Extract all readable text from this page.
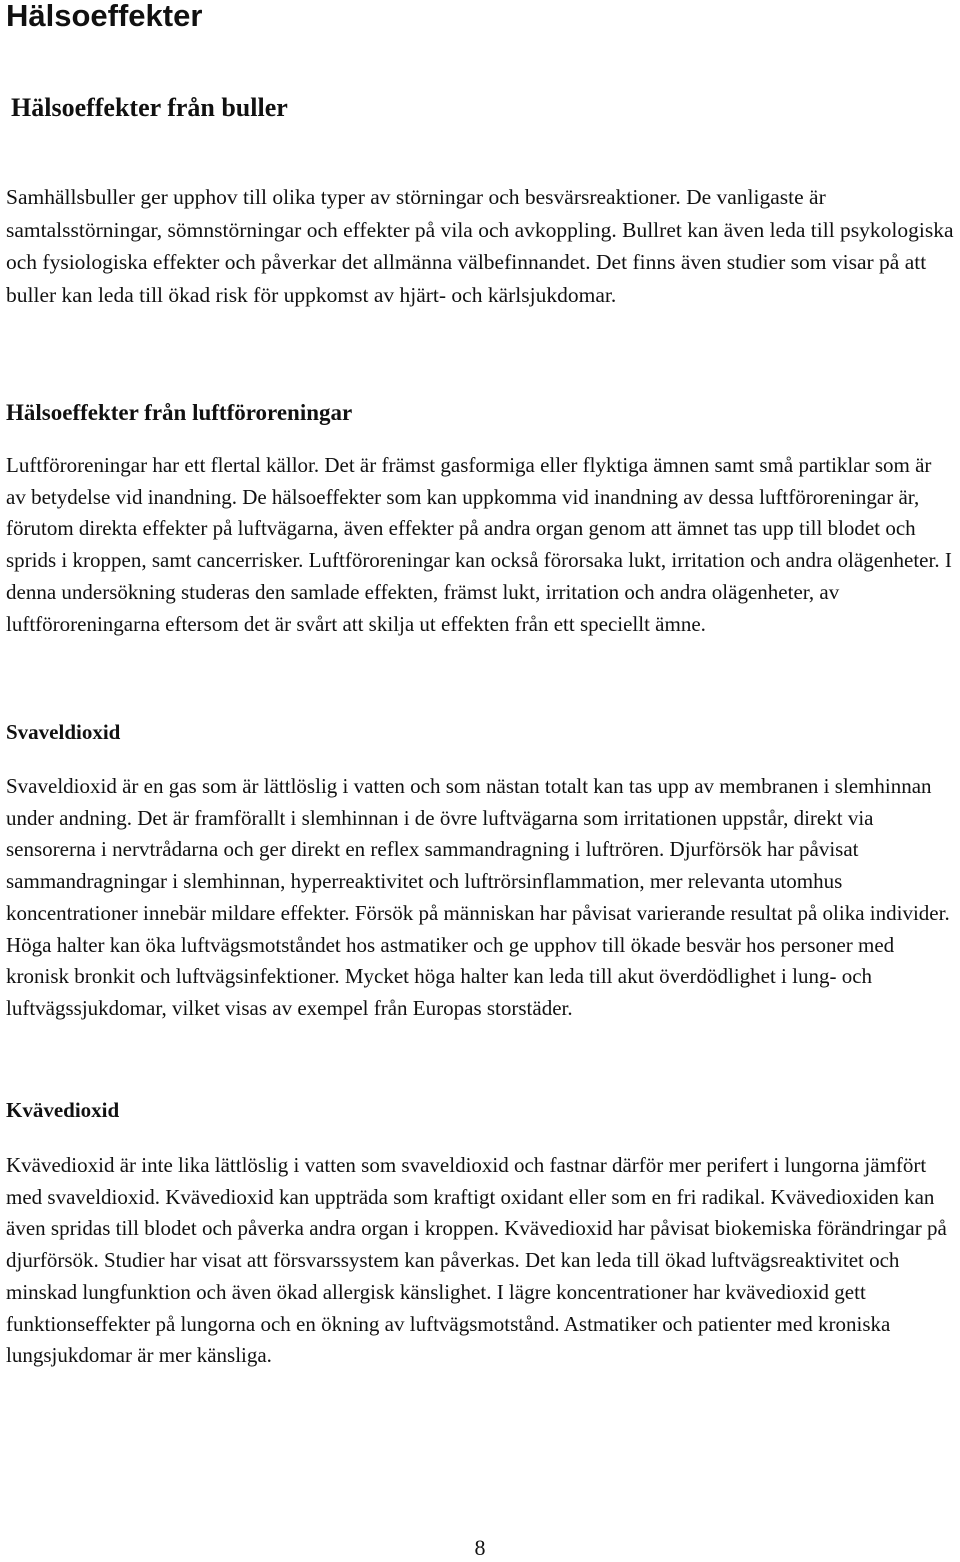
Hälsoeffekter
Hälsoeffekter från buller

Samhällsbuller ger upphov till olika typer av störningar och besvärsreaktioner. De vanligaste är samtalsstörningar, sömnstörningar och effekter på vila och avkoppling. Bullret kan även leda till psykologiska och fysiologiska effekter och påverkar det allmänna välbefinnandet. Det finns även studier som visar på att buller kan leda till ökad risk för uppkomst av hjärt- och kärlsjukdomar.

Hälsoeffekter från luftföroreningar

Luftföroreningar har ett flertal källor. Det är främst gasformiga eller flyktiga ämnen samt små partiklar som är av betydelse vid inandning. De hälsoeffekter som kan uppkomma vid inandning av dessa luftföroreningar är, förutom direkta effekter på luftvägarna, även effekter på andra organ genom att ämnet tas upp till blodet och sprids i kroppen, samt cancerrisker. Luftföroreningar kan också förorsaka lukt, irritation och andra olägenheter. I denna undersökning studeras den samlade effekten, främst lukt, irritation och andra olägenheter, av luftföroreningarna eftersom det är svårt att skilja ut effekten från ett speciellt ämne.

Svaveldioxid

Svaveldioxid är en gas som är lättlöslig i vatten och som nästan totalt kan tas upp av membranen i slemhinnan under andning. Det är framförallt i slemhinnan i de övre luftvägarna som irritationen uppstår, direkt via sensorerna i nervtrådarna och ger direkt en reflex sammandragning i luftrören. Djurförsök har påvisat sammandragningar i slemhinnan, hyperreaktivitet och luftrörsinflammation, mer relevanta utomhus koncentrationer innebär mildare effekter. Försök på människan har påvisat varierande resultat på olika individer. Höga halter kan öka luftvägsmotståndet hos astmatiker och ge upphov till ökade besvär hos personer med kronisk bronkit och luftvägsinfektioner. Mycket höga halter kan leda till akut överdödlighet i lung- och luftvägssjukdomar, vilket visas av exempel från Europas storstäder.

Kvävedioxid

Kvävedioxid är inte lika lättlöslig i vatten som svaveldioxid och fastnar därför mer perifert i lungorna jämfört med svaveldioxid. Kvävedioxid kan uppträda som kraftigt oxidant eller som en fri radikal. Kvävedioxiden kan även spridas till blodet och påverka andra organ i kroppen. Kvävedioxid har påvisat biokemiska förändringar på djurförsök. Studier har visat att försvarssystem kan påverkas. Det kan leda till ökad luftvägsreaktivitet och minskad lungfunktion och även ökad allergisk känslighet. I lägre koncentrationer har kvävedioxid gett funktionseffekter på lungorna och en ökning av luftvägsmotstånd. Astmatiker och patienter med kroniska lungsjukdomar är mer känsliga.

8
